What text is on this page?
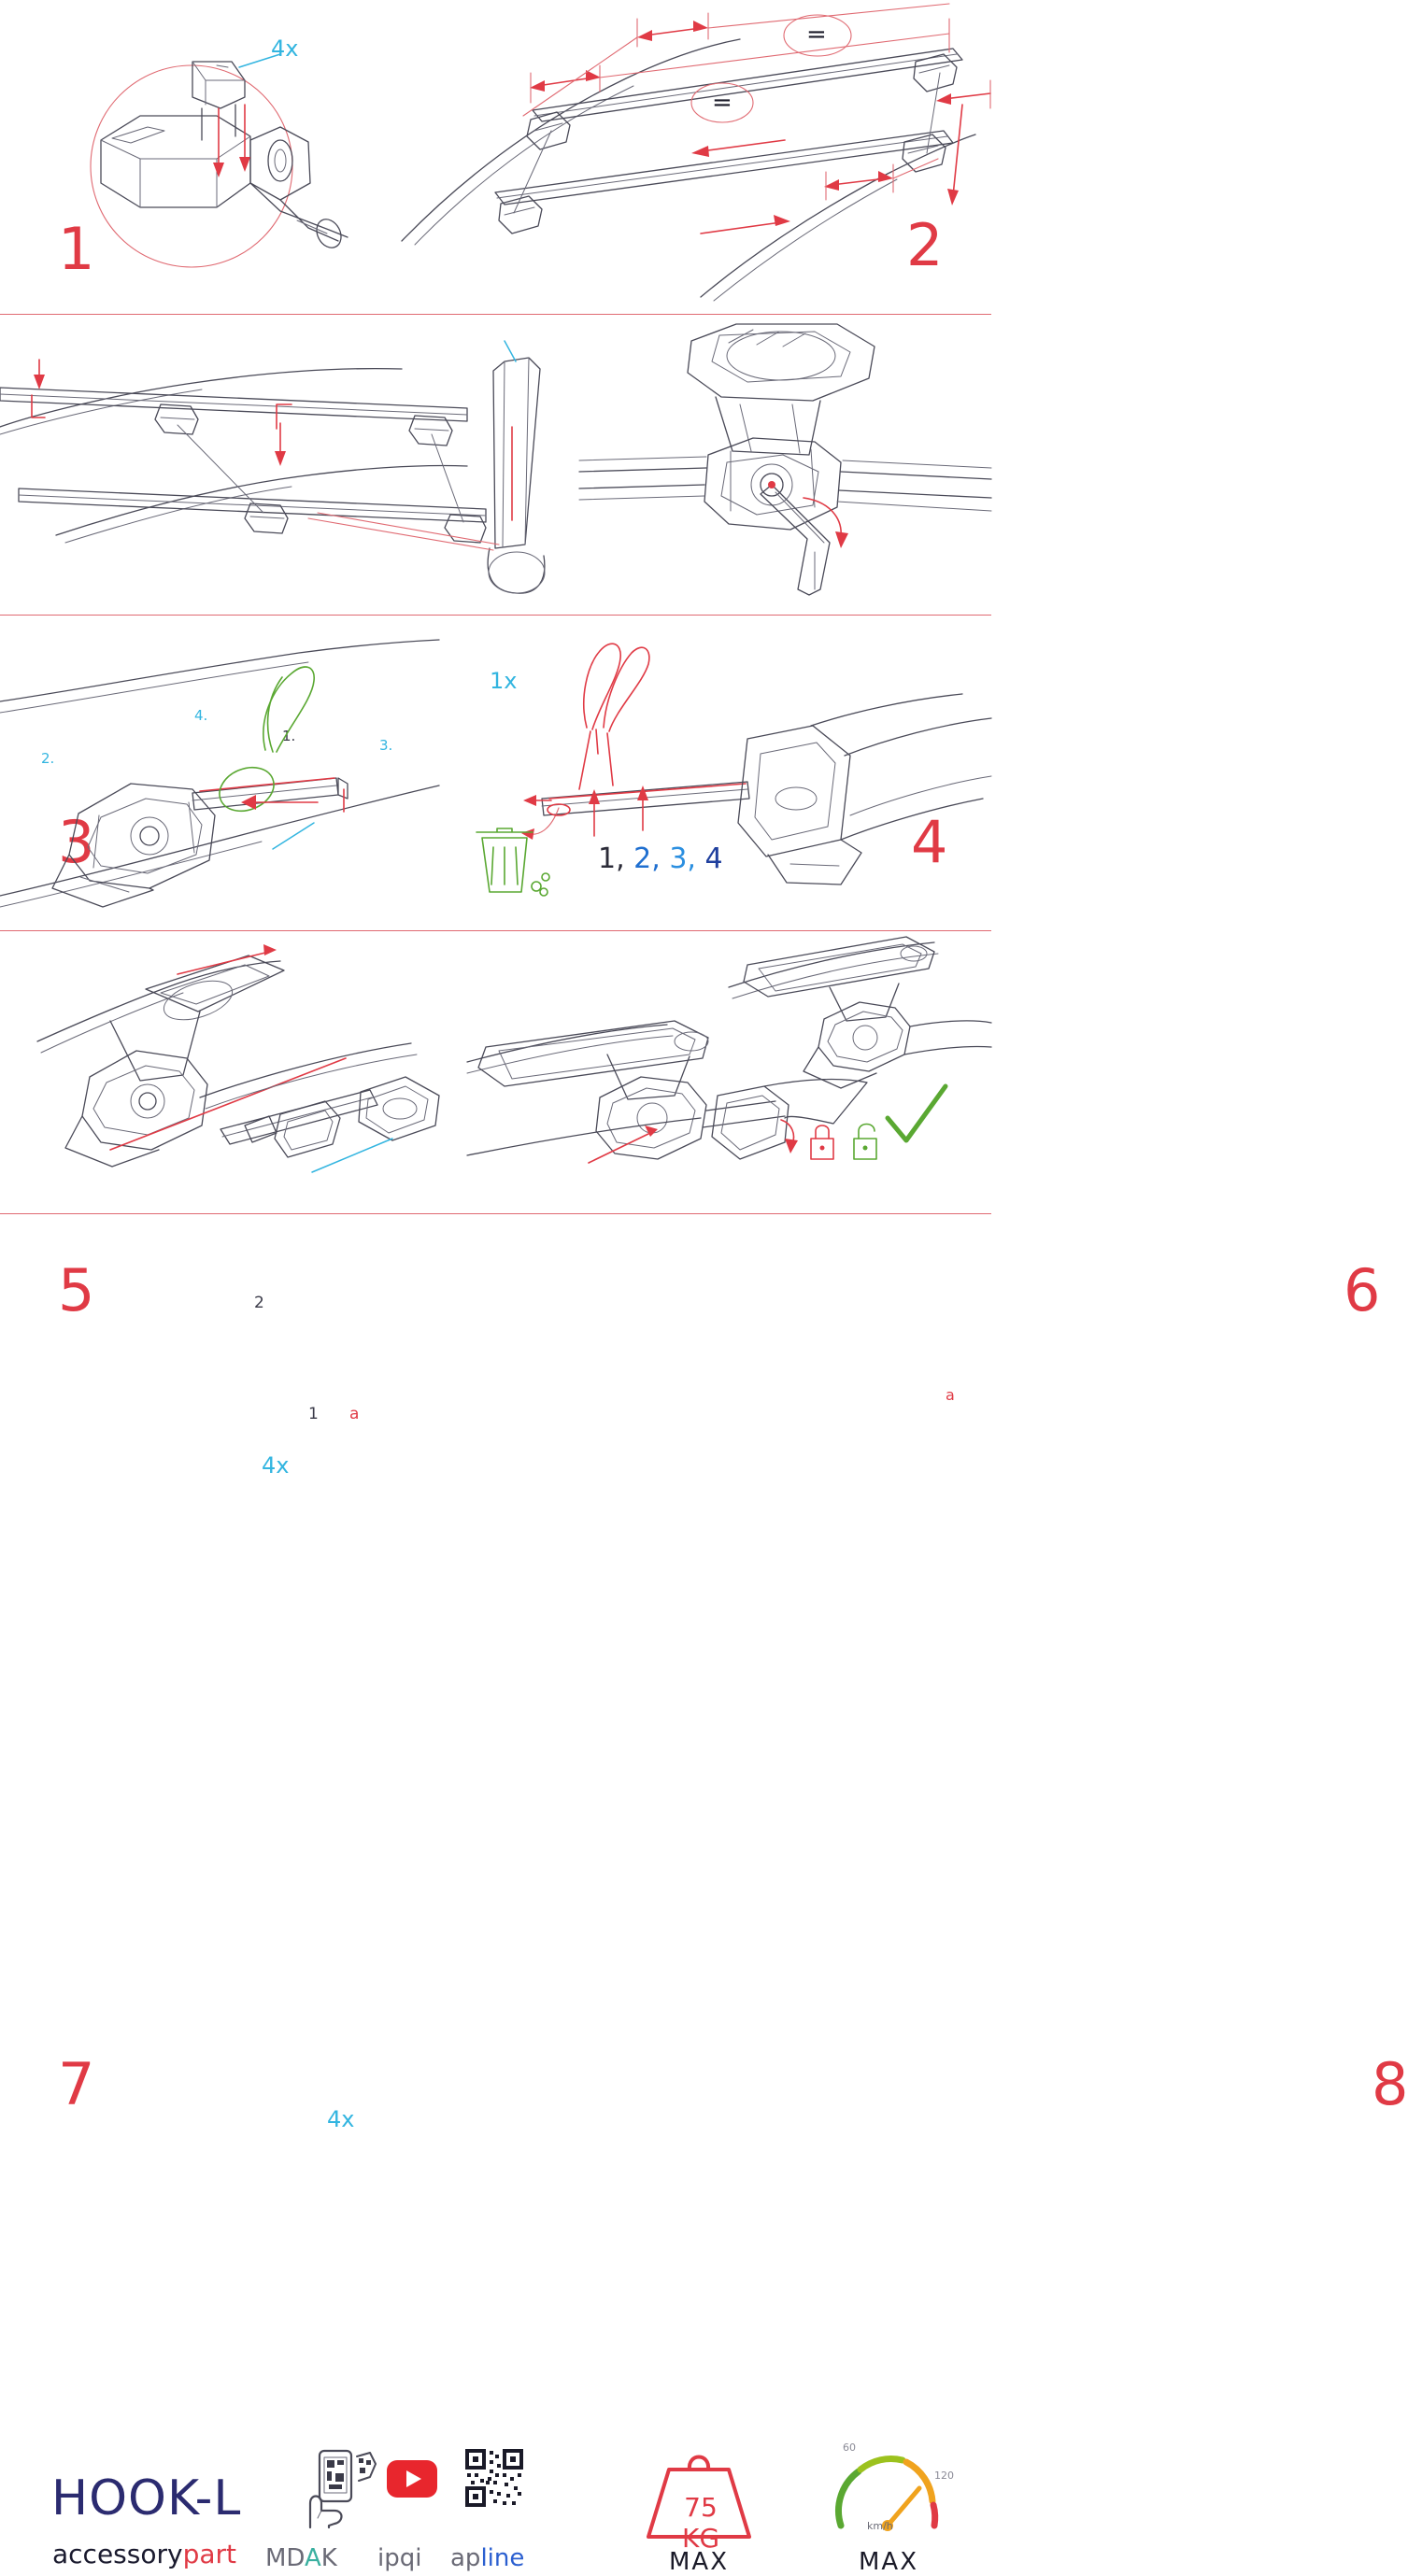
4x
1
=
=
2
1x
4.
3.
2.
1.
3	1, 2, 3, 4	4
5	2
1 a
4x
a
6
7
4x
8
HOOK-L
accessorypart MDAK ipqi apline
75 KG
MAX
60
120
km/h
MAX
